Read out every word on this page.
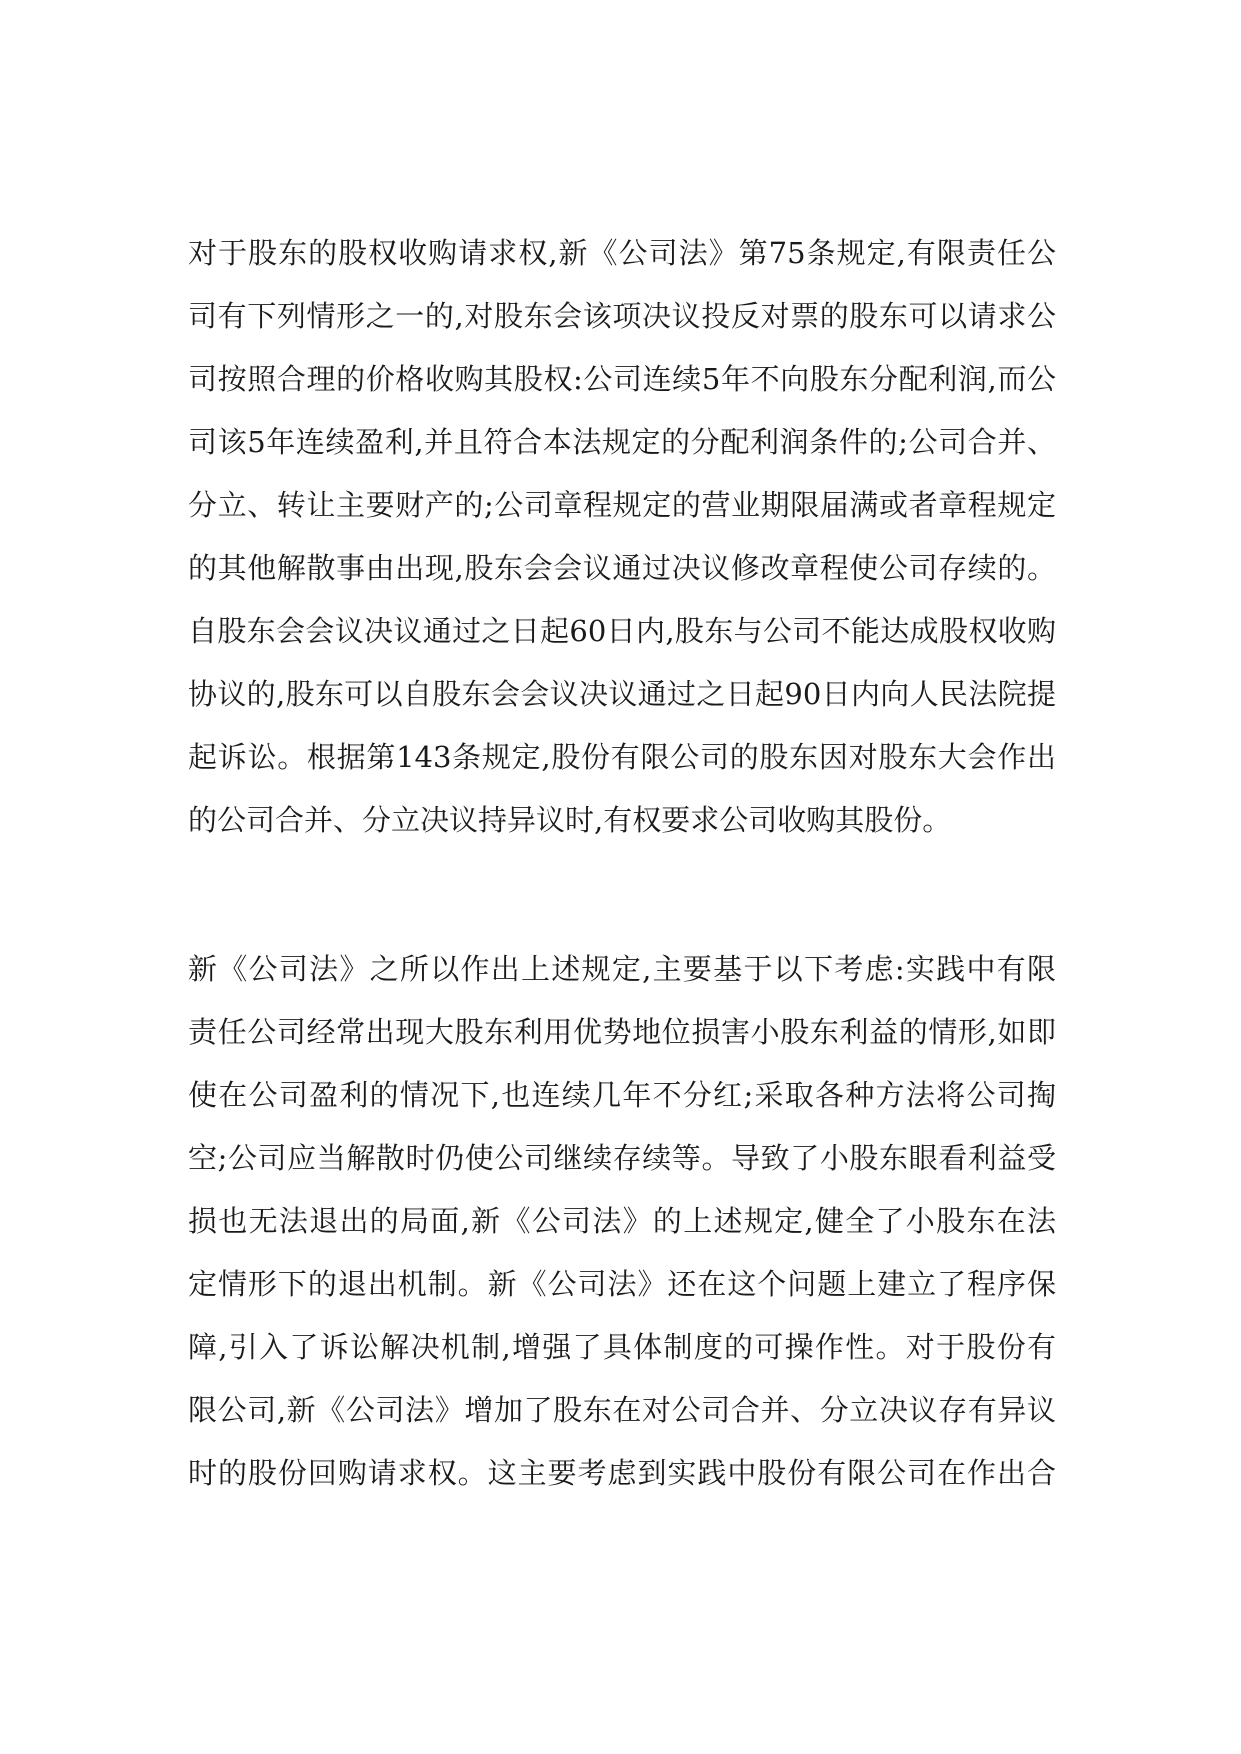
对于股东的股权收购请求权,新《公司法》第75条规定,有限责任公
司有下列情形之一的,对股东会该项决议投反对票的股东可以请求公
司按照合理的价格收购其股权:公司连续5年不向股东分配利润,而公
司该5年连续盈利,并且符合本法规定的分配利润条件的;公司合并、
分立、转让主要财产的;公司章程规定的营业期限届满或者章程规定
的其他解散事由出现,股东会会议通过决议修改章程使公司存续的。
自股东会会议决议通过之日起60日内,股东与公司不能达成股权收购
协议的,股东可以自股东会会议决议通过之日起90日内向人民法院提
起诉讼。根据第143条规定,股份有限公司的股东因对股东大会作出
的公司合并、分立决议持异议时,有权要求公司收购其股份。
新《公司法》之所以作出上述规定,主要基于以下考虑:实践中有限
责任公司经常出现大股东利用优势地位损害小股东利益的情形,如即
使在公司盈利的情况下,也连续几年不分红;采取各种方法将公司掏
空;公司应当解散时仍使公司继续存续等。导致了小股东眼看利益受
损也无法退出的局面,新《公司法》的上述规定,健全了小股东在法
定情形下的退出机制。新《公司法》还在这个问题上建立了程序保
障,引入了诉讼解决机制,增强了具体制度的可操作性。对于股份有
限公司,新《公司法》增加了股东在对公司合并、分立决议存有异议
时的股份回购请求权。这主要考虑到实践中股份有限公司在作出合
